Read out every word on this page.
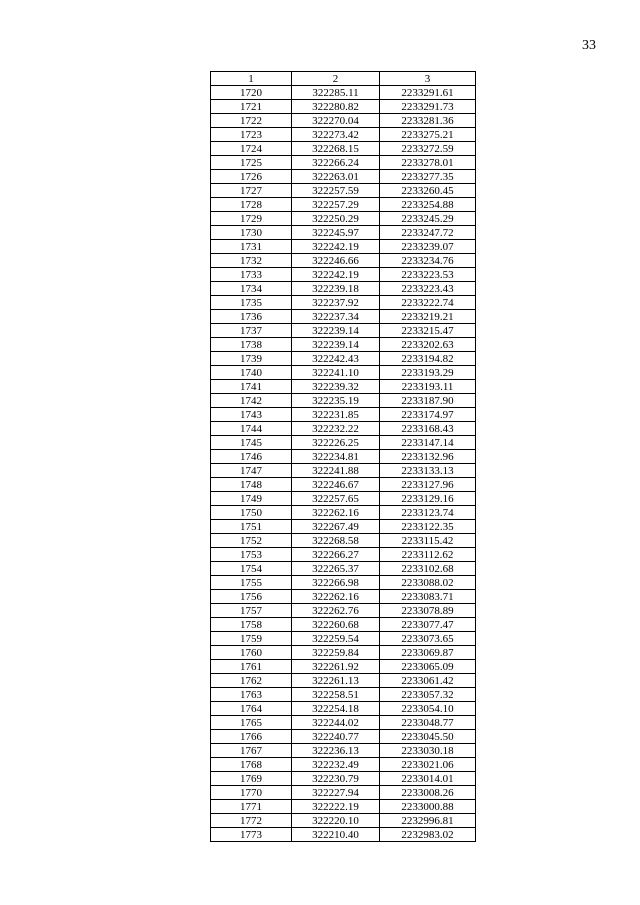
33
1	2	3
1720	322285.11	2233291.61
1721	322280.82	2233291.73
1722	322270.04	2233281.36
1723	322273.42	2233275.21
1724	322268.15	2233272.59
1725	322266.24	2233278.01
1726	322263.01	2233277.35
1727	322257.59	2233260.45
1728	322257.29	2233254.88
1729	322250.29	2233245.29
1730	322245.97	2233247.72
1731	322242.19	2233239.07
1732	322246.66	2233234.76
1733	322242.19	2233223.53
1734	322239.18	2233223.43
1735	322237.92	2233222.74
1736	322237.34	2233219.21
1737	322239.14	2233215.47
1738	322239.14	2233202.63
1739	322242.43	2233194.82
1740	322241.10	2233193.29
1741	322239.32	2233193.11
1742	322235.19	2233187.90
1743	322231.85	2233174.97
1744	322232.22	2233168.43
1745	322226.25	2233147.14
1746	322234.81	2233132.96
1747	322241.88	2233133.13
1748	322246.67	2233127.96
1749	322257.65	2233129.16
1750	322262.16	2233123.74
1751	322267.49	2233122.35
1752	322268.58	2233115.42
1753	322266.27	2233112.62
1754	322265.37	2233102.68
1755	322266.98	2233088.02
1756	322262.16	2233083.71
1757	322262.76	2233078.89
1758	322260.68	2233077.47
1759	322259.54	2233073.65
1760	322259.84	2233069.87
1761	322261.92	2233065.09
1762	322261.13	2233061.42
1763	322258.51	2233057.32
1764	322254.18	2233054.10
1765	322244.02	2233048.77
1766	322240.77	2233045.50
1767	322236.13	2233030.18
1768	322232.49	2233021.06
1769	322230.79	2233014.01
1770	322227.94	2233008.26
1771	322222.19	2233000.88
1772	322220.10	2232996.81
1773	322210.40	2232983.02
